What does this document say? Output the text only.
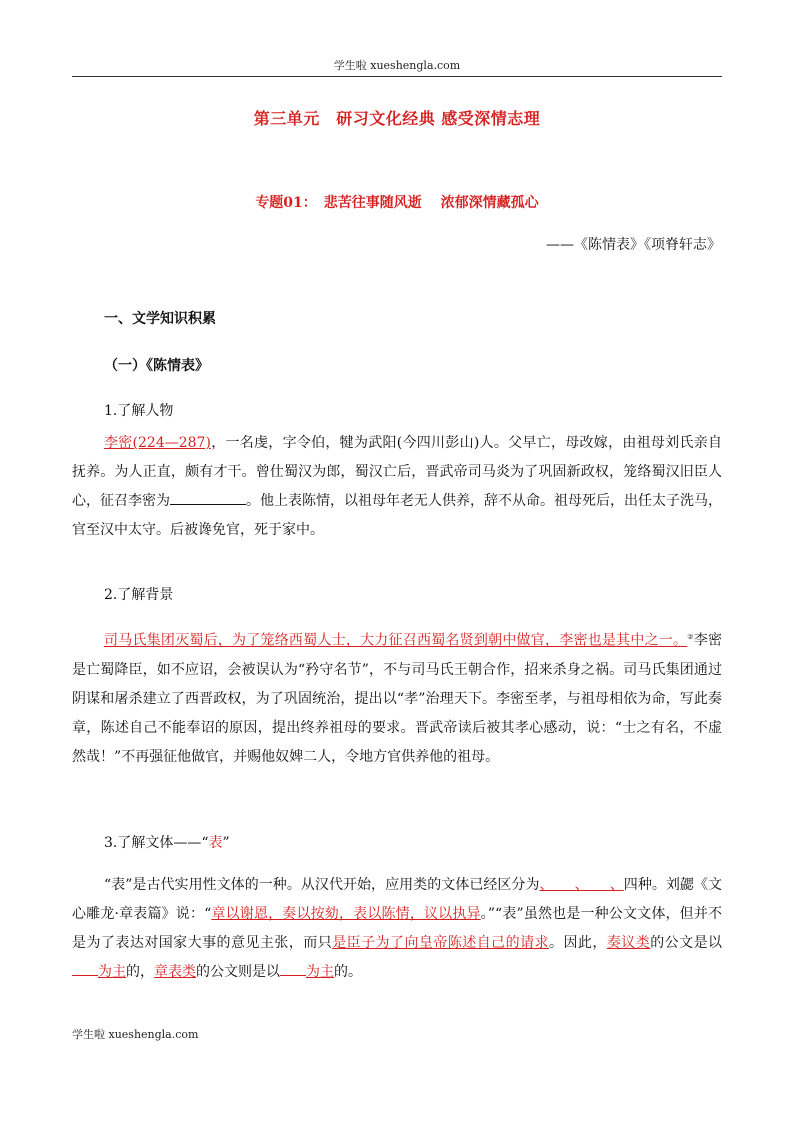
学生啦 xueshengla.com
第三单元　研习文化经典 感受深情志理
专题01：　悲苦往事随风逝　 浓郁深情藏孤心
——《陈情表》《项脊轩志》
一、文学知识积累
（一）《陈情表》
1.了解人物

李密(224—287)，一名虔，字令伯，犍为武阳(今四川彭山)人。父早亡，母改嫁，由祖母刘氏亲自抚养。为人正直，颇有才干。曾仕蜀汉为郎，蜀汉亡后，晋武帝司马炎为了巩固新政权，笼络蜀汉旧臣人心，征召李密为	。他上表陈情，以祖母年老无人供养，辞不从命。祖母死后，出任太子洗马，官至汉中太守。后被谗免官，死于家中。

2.了解背景

司马氏集团灭蜀后，为了笼络西蜀人士，大力征召西蜀名贤到朝中做官，李密也是其中之一。②李密是亡蜀降臣，如不应诏，会被误认为“矜守名节”，不与司马氏王朝合作，招来杀身之祸。司马氏集团通过阴谋和屠杀建立了西晋政权，为了巩固统治，提出以“孝”治理天下。李密至孝，与祖母相依为命，写此奏章，陈述自己不能奉诏的原因，提出终养祖母的要求。晋武帝读后被其孝心感动，说：“士之有名，不虚然哉！”不再强征他做官，并赐他奴婢二人，令地方官供养他的祖母。

3.了解文体——“表”

“表”是古代实用性文体的一种。从汉代开始，应用类的文体已经区分为、　　、　　、四种。刘勰《文心雕龙·章表篇》说：“章以谢恩，奏以按劾，表以陈情，议以执异。”“表”虽然也是一种公文文体，但并不是为了表达对国家大事的意见主张，而只是臣子为了向皇帝陈述自己的请求。因此，奏议类的公文是以为主的，章表类的公文则是以 为主的。

学生啦 xueshengla.com
